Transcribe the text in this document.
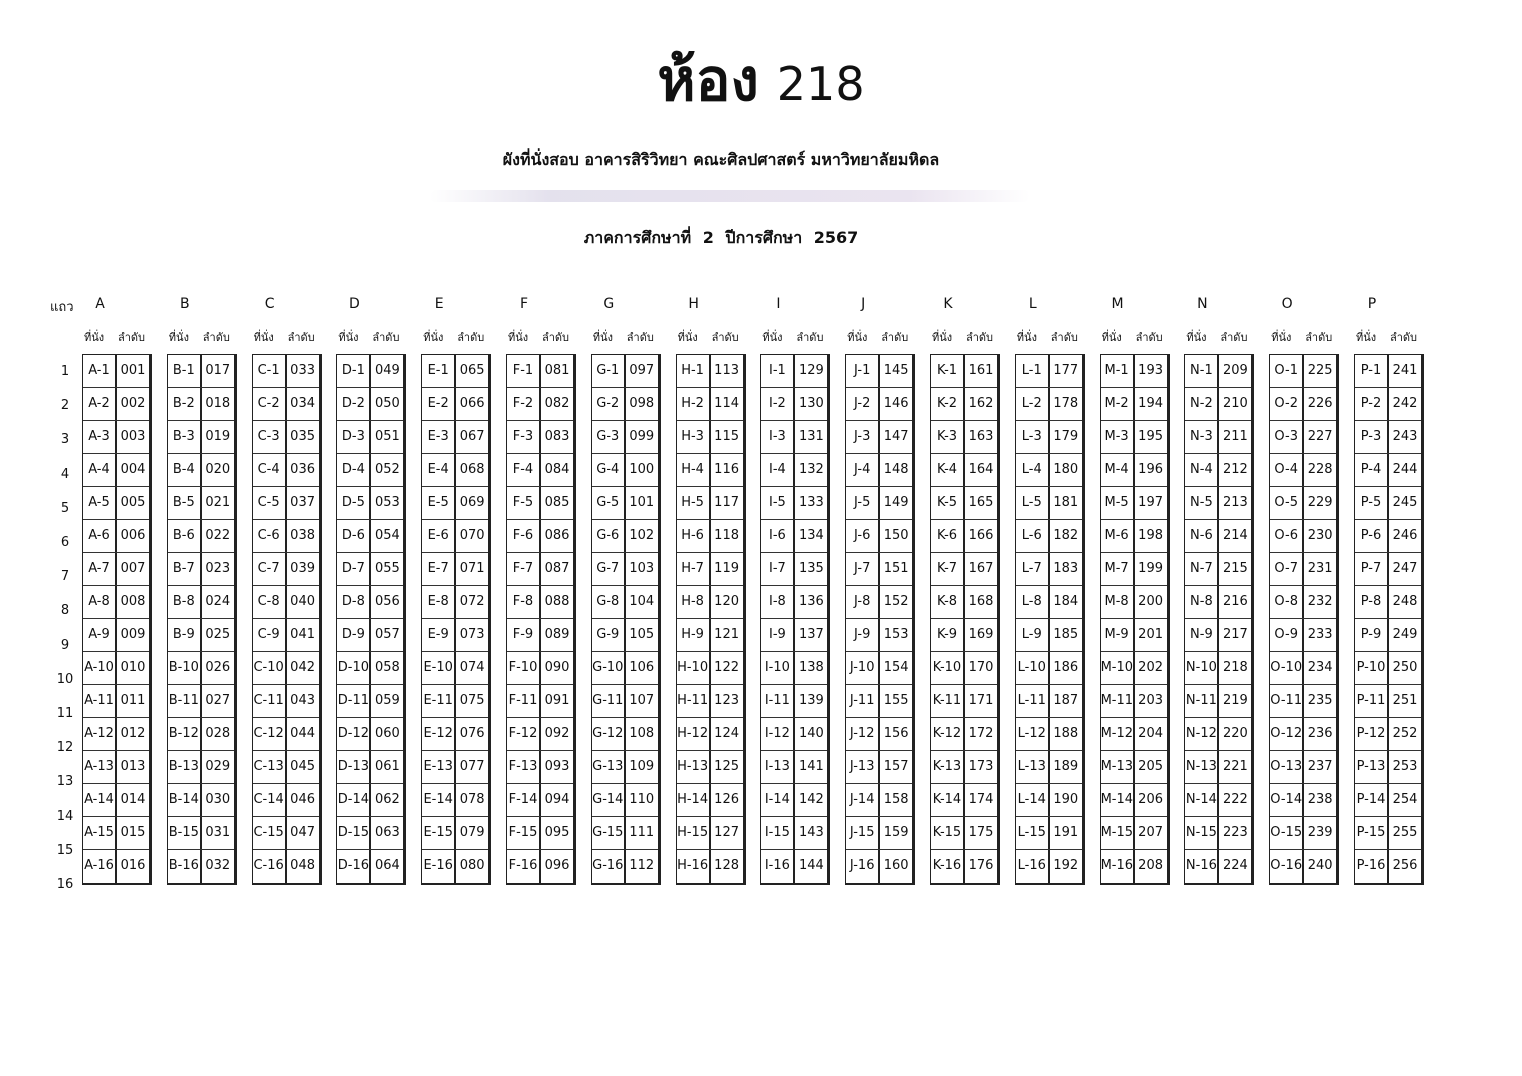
ห้อง 218
ผังที่นั่งสอบ อาคารสิริวิทยา คณะศิลปศาสตร์ มหาวิทยาลัยมหิดล
ภาคการศึกษาที่ 2 ปีการศึกษา 2567
แถว
1
2
3
4
5
6
7
8
9
10
11
12
13
14
15
16
A
ที่นั่ง ลำดับ
A-1 001
A-2 002
A-3 003
A-4 004
A-5 005
A-6 006
A-7 007
A-8 008
A-9 009
A-10 010
A-11 011
A-12 012
A-13 013
A-14 014
A-15 015
A-16 016
B
ที่นั่ง ลำดับ
B-1 017
B-2 018
B-3 019
B-4 020
B-5 021
B-6 022
B-7 023
B-8 024
B-9 025
B-10 026
B-11 027
B-12 028
B-13 029
B-14 030
B-15 031
B-16 032
C
ที่นั่ง ลำดับ
C-1 033
C-2 034
C-3 035
C-4 036
C-5 037
C-6 038
C-7 039
C-8 040
C-9 041
C-10 042
C-11 043
C-12 044
C-13 045
C-14 046
C-15 047
C-16 048
D
ที่นั่ง ลำดับ
D-1 049
D-2 050
D-3 051
D-4 052
D-5 053
D-6 054
D-7 055
D-8 056
D-9 057
D-10 058
D-11 059
D-12 060
D-13 061
D-14 062
D-15 063
D-16 064
E
ที่นั่ง ลำดับ
E-1 065
E-2 066
E-3 067
E-4 068
E-5 069
E-6 070
E-7 071
E-8 072
E-9 073
E-10 074
E-11 075
E-12 076
E-13 077
E-14 078
E-15 079
E-16 080
F
ที่นั่ง ลำดับ
F-1 081
F-2 082
F-3 083
F-4 084
F-5 085
F-6 086
F-7 087
F-8 088
F-9 089
F-10 090
F-11 091
F-12 092
F-13 093
F-14 094
F-15 095
F-16 096
G
ที่นั่ง ลำดับ
G-1 097
G-2 098
G-3 099
G-4 100
G-5 101
G-6 102
G-7 103
G-8 104
G-9 105
G-10 106
G-11 107
G-12 108
G-13 109
G-14 110
G-15 111
G-16 112
H
ที่นั่ง ลำดับ
H-1 113
H-2 114
H-3 115
H-4 116
H-5 117
H-6 118
H-7 119
H-8 120
H-9 121
H-10 122
H-11 123
H-12 124
H-13 125
H-14 126
H-15 127
H-16 128
I
ที่นั่ง ลำดับ
I-1	129
I-2	130
I-3	131
I-4	132
I-5	133
I-6	134
I-7	135
I-8	136
I-9	137
I-10 138
I-11 139
I-12 140
I-13 141
I-14 142
I-15 143
I-16 144
J
ที่นั่ง ลำดับ
J-1	145
J-2	146
J-3	147
J-4	148
J-5	149
J-6	150
J-7	151
J-8	152
J-9	153
J-10 154
J-11 155
J-12 156
J-13 157
J-14 158
J-15 159
J-16 160
K
ที่นั่ง ลำดับ
K-1 161
K-2 162
K-3 163
K-4 164
K-5 165
K-6 166
K-7 167
K-8 168
K-9 169
K-10 170
K-11 171
K-12 172
K-13 173
K-14 174
K-15 175
K-16 176
L
ที่นั่ง ลำดับ
L-1 177
L-2 178
L-3 179
L-4 180
L-5 181
L-6 182
L-7 183
L-8 184
L-9 185
L-10 186
L-11 187
L-12 188
L-13 189
L-14 190
L-15 191
L-16 192
M
ที่นั่ง ลำดับ
M-1 193
M-2 194
M-3 195
M-4 196
M-5 197
M-6 198
M-7 199
M-8 200
M-9 201
M-10 202
M-11 203
M-12 204
M-13 205
M-14 206
M-15 207
M-16 208
N
ที่นั่ง ลำดับ
N-1 209
N-2 210
N-3 211
N-4 212
N-5 213
N-6 214
N-7 215
N-8 216
N-9 217
N-10 218
N-11 219
N-12 220
N-13 221
N-14 222
N-15 223
N-16 224
O
ที่นั่ง ลำดับ
O-1 225
O-2 226
O-3 227
O-4 228
O-5 229
O-6 230
O-7 231
O-8 232
O-9 233
O-10 234
O-11 235
O-12 236
O-13 237
O-14 238
O-15 239
O-16 240
P
ที่นั่ง ลำดับ
P-1 241
P-2 242
P-3 243
P-4 244
P-5 245
P-6 246
P-7 247
P-8 248
P-9 249
P-10 250
P-11 251
P-12 252
P-13 253
P-14 254
P-15 255
P-16 256
